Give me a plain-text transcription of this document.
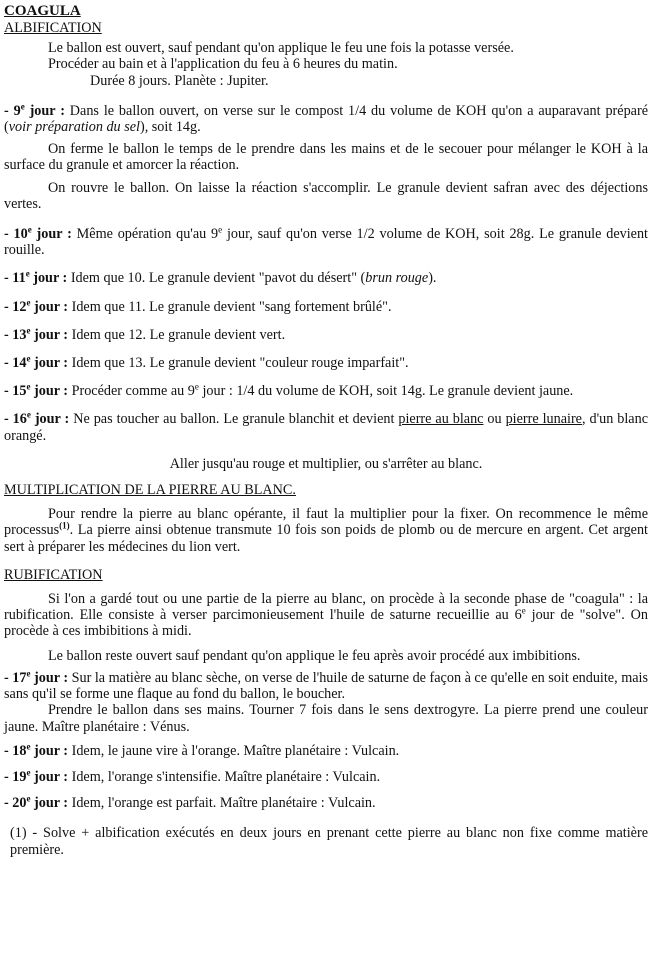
COAGULA

ALBIFICATION

Le ballon est ouvert, sauf pendant qu'on applique le feu une fois la potasse versée.

Procéder au bain et à l'application du feu à 6 heures du matin.

Durée 8 jours. Planète : Jupiter.

- 9e jour : Dans le ballon ouvert, on verse sur le compost 1/4 du volume de KOH qu'on a auparavant préparé (voir préparation du sel), soit 14g.

On ferme le ballon le temps de le prendre dans les mains et de le secouer pour mélanger le KOH à la surface du granule et amorcer la réaction.

On rouvre le ballon. On laisse la réaction s'accomplir. Le granule devient safran avec des déjections vertes.

- 10e jour : Même opération qu'au 9e jour, sauf qu'on verse 1/2 volume de KOH, soit 28g. Le granule devient rouille.

- 11e jour : Idem que 10. Le granule devient "pavot du désert" (brun rouge).

- 12e jour : Idem que 11. Le granule devient "sang fortement brûlé".

- 13e jour : Idem que 12. Le granule devient vert.

- 14e jour : Idem que 13. Le granule devient "couleur rouge imparfait".

- 15e jour : Procéder comme au 9e jour : 1/4 du volume de KOH, soit 14g. Le granule devient jaune.

- 16e jour : Ne pas toucher au ballon. Le granule blanchit et devient pierre au blanc ou pierre lunaire, d'un blanc orangé.

Aller jusqu'au rouge et multiplier, ou s'arrêter au blanc.

MULTIPLICATION DE LA PIERRE AU BLANC.

Pour rendre la pierre au blanc opérante, il faut la multiplier pour la fixer. On recommence le même processus$^{(1)}$. La pierre ainsi obtenue transmute 10 fois son poids de plomb ou de mercure en argent. Cet argent sert à préparer les médecines du lion vert.

RUBIFICATION

Si l'on a gardé tout ou une partie de la pierre au blanc, on procède à la seconde phase de "coagula" : la rubification. Elle consiste à verser parcimonieusement l'huile de saturne recueillie au 6e jour de "solve". On procède à ces imbibitions à midi.

Le ballon reste ouvert sauf pendant qu'on applique le feu après avoir procédé aux imbibitions.

- 17e jour : Sur la matière au blanc sèche, on verse de l'huile de saturne de façon à ce qu'elle en soit enduite, mais sans qu'il se forme une flaque au fond du ballon, le boucher.

Prendre le ballon dans ses mains. Tourner 7 fois dans le sens dextrogyre. La pierre prend une couleur jaune. Maître planétaire : Vénus.

- 18e jour : Idem, le jaune vire à l'orange. Maître planétaire : Vulcain.

- 19e jour : Idem, l'orange s'intensifie. Maître planétaire : Vulcain.

- 20e jour : Idem, l'orange est parfait. Maître planétaire : Vulcain.

(1) - Solve + albification exécutés en deux jours en prenant cette pierre au blanc non fixe comme matière première.
